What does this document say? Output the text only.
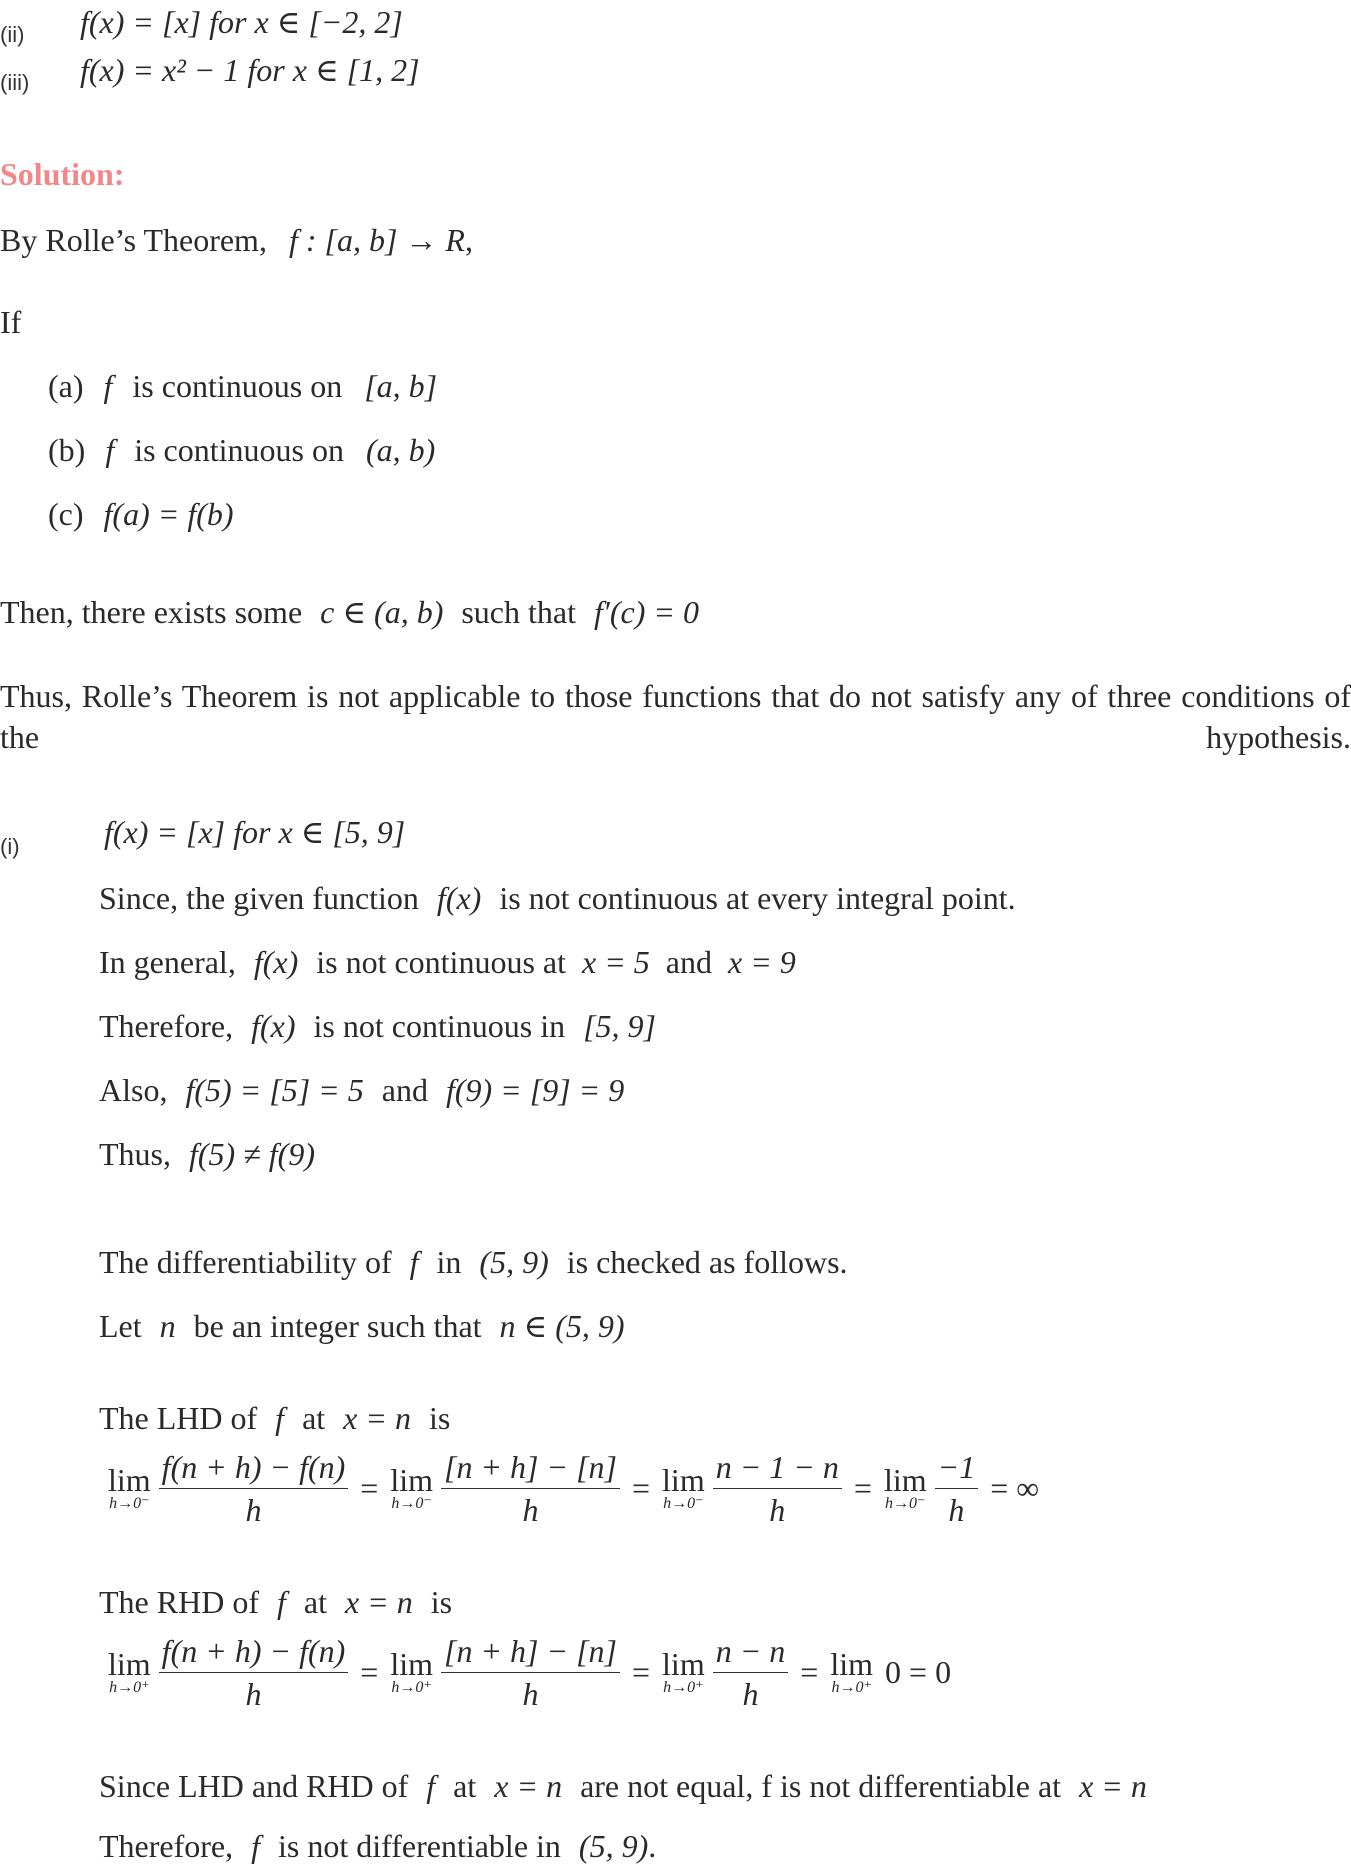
(ii) f(x) = [x] for x ∈ [−2, 2]
(iii) f(x) = x² − 1 for x ∈ [1, 2]
Solution:
By Rolle’s Theorem, f : [a, b] → R,
If
(a) f is continuous on [a, b]
(b) f is continuous on (a, b)
(c) f(a) = f(b)
Then, there exists some c ∈ (a, b) such that f′(c) = 0
Thus, Rolle’s Theorem is not applicable to those functions that do not satisfy any of three conditions of the hypothesis.
(i)	f(x) = [x] for x ∈ [5, 9]
Since, the given function f(x) is not continuous at every integral point.
In general, f(x) is not continuous at x = 5 and x = 9
Therefore, f(x) is not continuous in [5, 9]
Also, f(5) = [5] = 5 and f(9) = [9] = 9
Thus, f(5) ≠ f(9)
The differentiability of f in (5, 9) is checked as follows.
Let n be an integer such that n ∈ (5, 9)
The LHD of f at x = n is
lim
$h\to 0^- \frac{f(n + h) - f(n)}{h} = \lim$
$h\to 0^- \frac{[n + h] - [n]}{h} = \lim$
$h\to 0^- \frac{n - 1 - n}{h} = \lim$
$h\to 0^- \frac{-1}{h}$ = ∞
The RHD of f at x = n is
lim
$h\to 0^+ \frac{f(n + h) - f(n)}{h} = \lim$
$h\to 0^+ \frac{[n + h] - [n]}{h} = \lim$
$h\to 0^+ \frac{n - n}{h} = \lim$
h→0⁺ 0 = 0
Since LHD and RHD of f at x = n are not equal, f is not differentiable at x = n
Therefore, f is not differentiable in (5, 9).
